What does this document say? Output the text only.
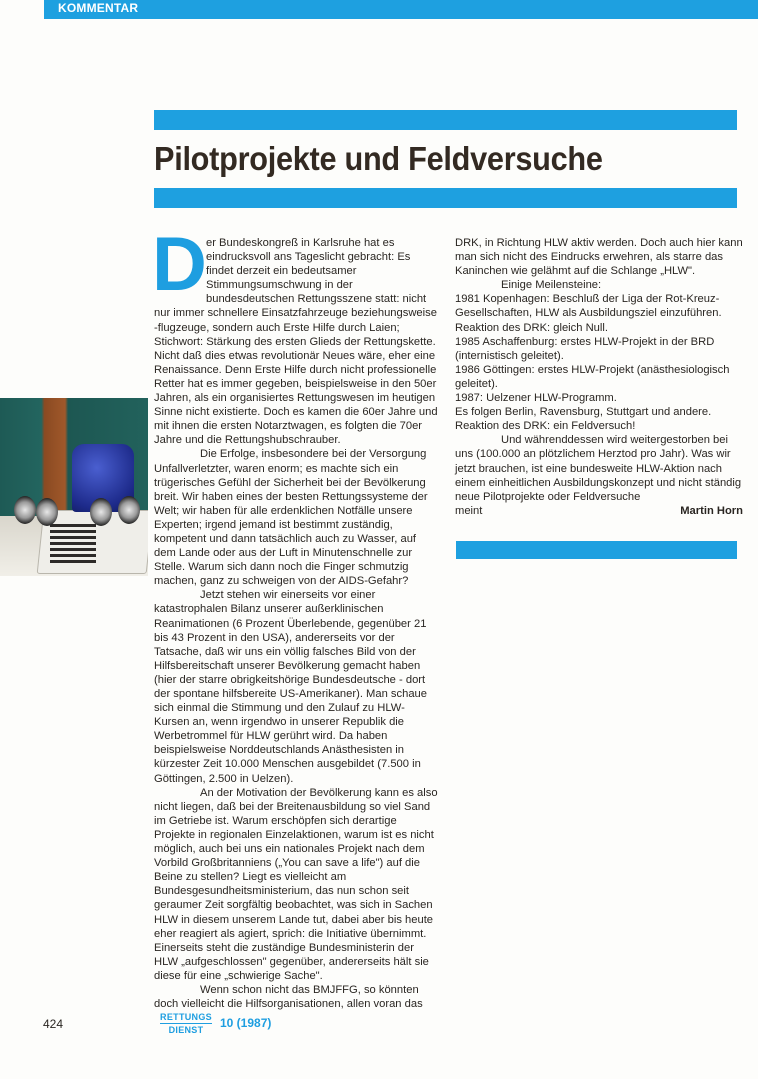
KOMMENTAR
Pilotprojekte und Feldversuche
D er Bundeskongreß in Karlsruhe hat es eindrucksvoll ans Tageslicht gebracht: Es findet derzeit ein bedeutsamer Stimmungsumschwung in der bundesdeutschen Rettungsszene statt: nicht nur immer schnellere Einsatzfahrzeuge beziehungsweise -flugzeuge, sondern auch Erste Hilfe durch Laien; Stichwort: Stärkung des ersten Glieds der Rettungskette. Nicht daß dies etwas revolutionär Neues wäre, eher eine Renaissance. Denn Erste Hilfe durch nicht professionelle Retter hat es immer gegeben, beispielsweise in den 50er Jahren, als ein organisiertes Rettungswesen im heutigen Sinne nicht existierte. Doch es kamen die 60er Jahre und mit ihnen die ersten Notarztwagen, es folgten die 70er Jahre und die Rettungshubschrauber.

Die Erfolge, insbesondere bei der Versorgung Unfallverletzter, waren enorm; es machte sich ein trügerisches Gefühl der Sicherheit bei der Bevölkerung breit. Wir haben eines der besten Rettungssysteme der Welt; wir haben für alle erdenklichen Notfälle unsere Experten; irgend jemand ist bestimmt zuständig, kompetent und dann tatsächlich auch zu Wasser, auf dem Lande oder aus der Luft in Minutenschnelle zur Stelle. Warum sich dann noch die Finger schmutzig machen, ganz zu schweigen von der AIDS-Gefahr?

Jetzt stehen wir einerseits vor einer katastrophalen Bilanz unserer außerklinischen Reanimationen (6 Prozent Überlebende, gegenüber 21 bis 43 Prozent in den USA), andererseits vor der Tatsache, daß wir uns ein völlig falsches Bild von der Hilfsbereitschaft unserer Bevölkerung gemacht haben (hier der starre obrigkeitshörige Bundesdeutsche - dort der spontane hilfsbereite US-Amerikaner). Man schaue sich einmal die Stimmung und den Zulauf zu HLW-Kursen an, wenn irgendwo in unserer Republik die Werbetrommel für HLW gerührt wird. Da haben beispielsweise Norddeutschlands Anästhesisten in kürzester Zeit 10.000 Menschen ausgebildet (7.500 in Göttingen, 2.500 in Uelzen).

An der Motivation der Bevölkerung kann es also nicht liegen, daß bei der Breitenausbildung so viel Sand im Getriebe ist. Warum erschöpfen sich derartige Projekte in regionalen Einzelaktionen, warum ist es nicht möglich, auch bei uns ein nationales Projekt nach dem Vorbild Großbritanniens („You can save a life") auf die Beine zu stellen? Liegt es vielleicht am Bundesgesundheitsministerium, das nun schon seit geraumer Zeit sorgfältig beobachtet, was sich in Sachen HLW in diesem unserem Lande tut, dabei aber bis heute eher reagiert als agiert, sprich: die Initiative übernimmt. Einerseits steht die zuständige Bundesministerin der HLW „aufgeschlossen" gegenüber, andererseits hält sie diese für eine „schwierige Sache".

Wenn schon nicht das BMJFFG, so könnten doch vielleicht die Hilfsorganisationen, allen voran das

DRK, in Richtung HLW aktiv werden. Doch auch hier kann man sich nicht des Eindrucks erwehren, als starre das Kaninchen wie gelähmt auf die Schlange „HLW".

Einige Meilensteine:

1981 Kopenhagen: Beschluß der Liga der Rot-Kreuz-Gesellschaften, HLW als Ausbildungsziel einzuführen.

Reaktion des DRK: gleich Null.

1985 Aschaffenburg: erstes HLW-Projekt in der BRD (internistisch geleitet).

1986 Göttingen: erstes HLW-Projekt (anästhesiologisch geleitet).

1987: Uelzener HLW-Programm.

Es folgen Berlin, Ravensburg, Stuttgart und andere.

Reaktion des DRK: ein Feldversuch!

Und währenddessen wird weitergestorben bei uns (100.000 an plötzlichem Herztod pro Jahr). Was wir jetzt brauchen, ist eine bundesweite HLW-Aktion nach einem einheitlichen Ausbildungskonzept und nicht ständig neue Pilotprojekte oder Feldversuche

meint	Martin Horn
424	RETTUNGS
DIENST	10 (1987)
